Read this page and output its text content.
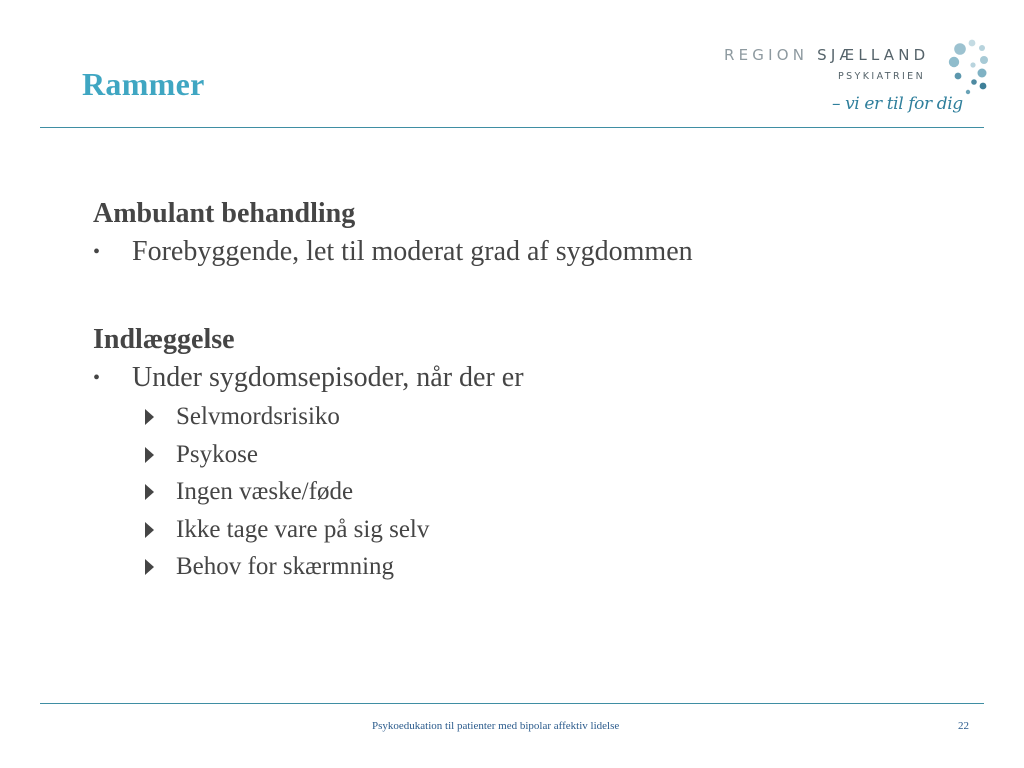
Rammer
REGION SJÆLLAND
PSYKIATRIEN
– vi er til for dig
Ambulant behandling
• Forebyggende, let til moderat grad af sygdommen
Indlæggelse
• Under sygdomsepisoder, når der er
Selvmordsrisiko
Psykose
Ingen væske/føde
Ikke tage vare på sig selv
Behov for skærmning
Psykoedukation til patienter med bipolar affektiv lidelse	22
